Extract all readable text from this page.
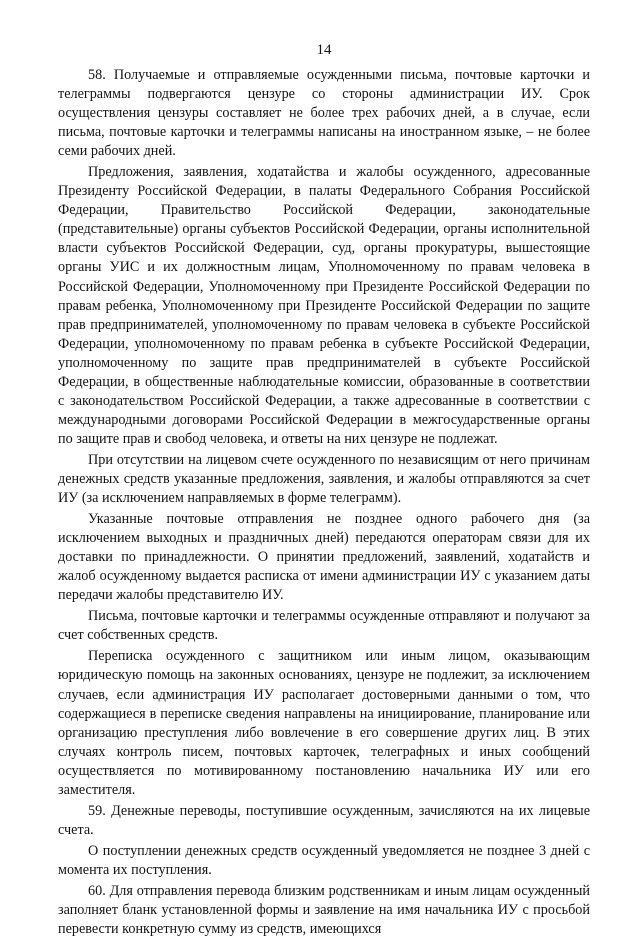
14

58. Получаемые и отправляемые осужденными письма, почтовые карточки и телеграммы подвергаются цензуре со стороны администрации ИУ. Срок осуществления цензуры составляет не более трех рабочих дней, а в случае, если письма, почтовые карточки и телеграммы написаны на иностранном языке, – не более семи рабочих дней.

Предложения, заявления, ходатайства и жалобы осужденного, адресованные Президенту Российской Федерации, в палаты Федерального Собрания Российской Федерации, Правительство Российской Федерации, законодательные (представительные) органы субъектов Российской Федерации, органы исполнительной власти субъектов Российской Федерации, суд, органы прокуратуры, вышестоящие органы УИС и их должностным лицам, Уполномоченному по правам человека в Российской Федерации, Уполномоченному при Президенте Российской Федерации по правам ребенка, Уполномоченному при Президенте Российской Федерации по защите прав предпринимателей, уполномоченному по правам человека в субъекте Российской Федерации, уполномоченному по правам ребенка в субъекте Российской Федерации, уполномоченному по защите прав предпринимателей в субъекте Российской Федерации, в общественные наблюдательные комиссии, образованные в соответствии с законодательством Российской Федерации, а также адресованные в соответствии с международными договорами Российской Федерации в межгосударственные органы по защите прав и свобод человека, и ответы на них цензуре не подлежат.

При отсутствии на лицевом счете осужденного по независящим от него причинам денежных средств указанные предложения, заявления, и жалобы отправляются за счет ИУ (за исключением направляемых в форме телеграмм).

Указанные почтовые отправления не позднее одного рабочего дня (за исключением выходных и праздничных дней) передаются операторам связи для их доставки по принадлежности. О принятии предложений, заявлений, ходатайств и жалоб осужденному выдается расписка от имени администрации ИУ с указанием даты передачи жалобы представителю ИУ.

Письма, почтовые карточки и телеграммы осужденные отправляют и получают за счет собственных средств.

Переписка осужденного с защитником или иным лицом, оказывающим юридическую помощь на законных основаниях, цензуре не подлежит, за исключением случаев, если администрация ИУ располагает достоверными данными о том, что содержащиеся в переписке сведения направлены на инициирование, планирование или организацию преступления либо вовлечение в его совершение других лиц. В этих случаях контроль писем, почтовых карточек, телеграфных и иных сообщений осуществляется по мотивированному постановлению начальника ИУ или его заместителя.

59. Денежные переводы, поступившие осужденным, зачисляются на их лицевые счета.

О поступлении денежных средств осужденный уведомляется не позднее 3 дней с момента их поступления.

60. Для отправления перевода близким родственникам и иным лицам осужденный заполняет бланк установленной формы и заявление на имя начальника ИУ с просьбой перевести конкретную сумму из средств, имеющихся
